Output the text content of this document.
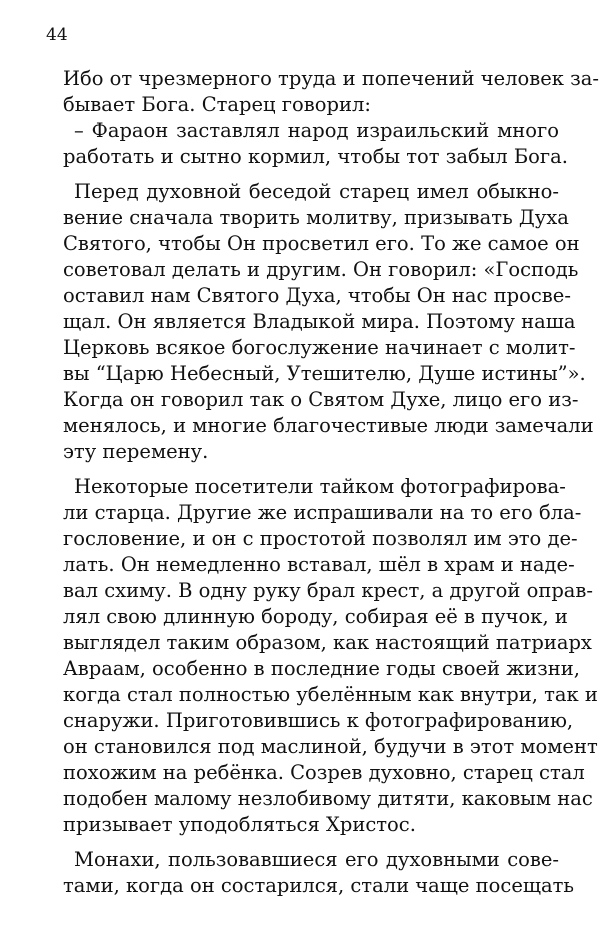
44
Ибо от чрезмерного труда и попечений человек за-
бывает Бога. Старец говорил:
– Фараон заставлял народ израильский много
работать и сытно кормил, чтобы тот забыл Бога.
Перед духовной беседой старец имел обыкно-
вение сначала творить молитву, призывать Духа
Святого, чтобы Он просветил его. То же самое он
советовал делать и другим. Он говорил: «Господь
оставил нам Святого Духа, чтобы Он нас просве-
щал. Он является Владыкой мира. Поэтому наша
Церковь всякое богослужение начинает с молит-
вы “Царю Небесный, Утешителю, Душе истины”».
Когда он говорил так о Святом Духе, лицо его из-
менялось, и многие благочестивые люди замечали
эту перемену.
Некоторые посетители тайком фотографирова-
ли старца. Другие же испрашивали на то его бла-
гословение, и он с простотой позволял им это де-
лать. Он немедленно вставал, шёл в храм и наде-
вал схиму. В одну руку брал крест, а другой оправ-
лял свою длинную бороду, собирая её в пучок, и
выглядел таким образом, как настоящий патриарх
Авраам, особенно в последние годы своей жизни,
когда стал полностью убелённым как внутри, так и
снаружи. Приготовившись к фотографированию,
он становился под маслиной, будучи в этот момент
похожим на ребёнка. Созрев духовно, старец стал
подобен малому незлобивому дитяти, каковым нас
призывает уподобляться Христос.
Монахи, пользовавшиеся его духовными сове-
тами, когда он состарился, стали чаще посещать
